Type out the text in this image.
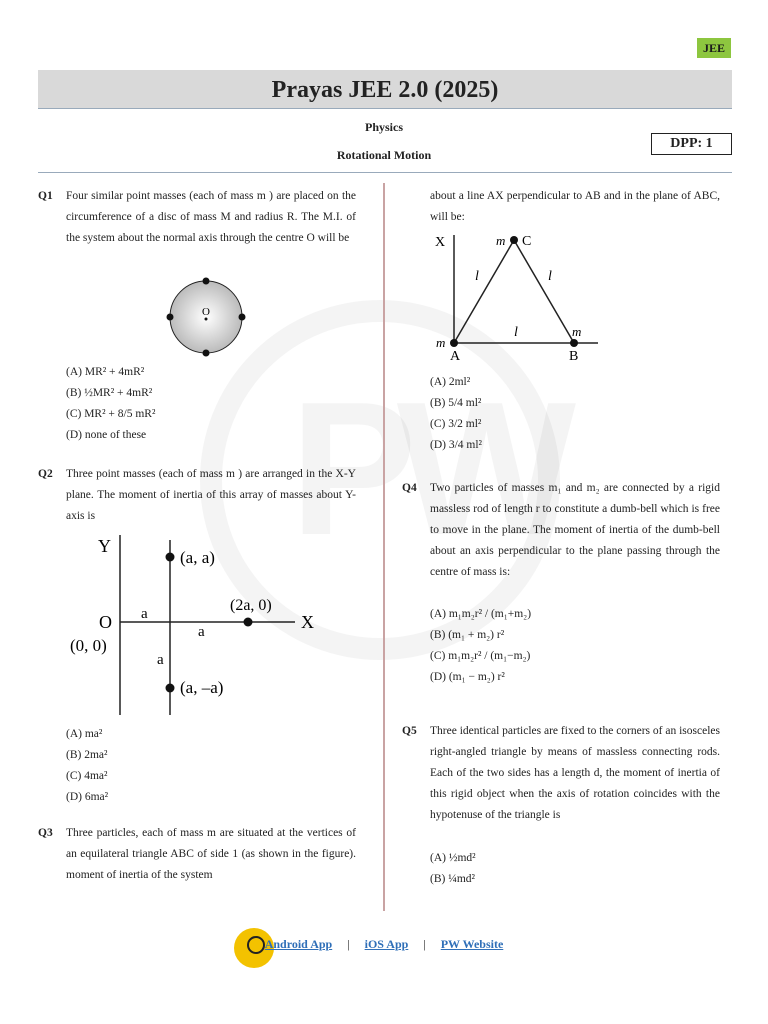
JEE
Prayas JEE 2.0 (2025)
Physics
Rotational Motion
DPP: 1
Q1 Four similar point masses (each of mass m ) are placed on the circumference of a disc of mass M and radius R. The M.I. of the system about the normal axis through the centre O will be
O
(A) MR² + 4mR²
(B) ½MR² + 4mR²
(C) MR² + 8/5 mR²
(D) none of these
Q2 Three point masses (each of mass m ) are arranged in the X-Y plane. The moment of inertia of this array of masses about Y-axis is
Y
(a, a)
O a	(2a, 0)
X
(0, 0)
a
a
(a, –a)
(A) ma²
(B) 2ma²
(C) 4ma²
(D) 6ma²
Q3 Three particles, each of mass m are situated at the vertices of an equilateral triangle ABC of side 1 (as shown in the figure). moment of inertia of the system
about a line AX perpendicular to AB and in the plane of ABC, will be:
X	m C
l	l
l
m
m
A	B
(A) 2ml²
(B) 5/4 ml²
(C) 3/2 ml²
(D) 3/4 ml²
Q4 Two particles of masses m₁ and m₂ are connected by a rigid massless rod of length r to constitute a dumb-bell which is free to move in the plane. The moment of inertia of the dumb-bell about an axis perpendicular to the plane passing through the centre of mass is:
(A) m₁m₂r² / (m₁+m₂)
(B) (m₁ + m₂) r²
(C) m₁m₂r² / (m₁−m₂)
(D) (m₁ − m₂) r²
Q5 Three identical particles are fixed to the corners of an isosceles right-angled triangle by means of massless connecting rods. Each of the two sides has a length d, the moment of inertia of this rigid object when the axis of rotation coincides with the hypotenuse of the triangle is
(A) ½md²
(B) ¼md²
Android App | iOS App | PW Website
